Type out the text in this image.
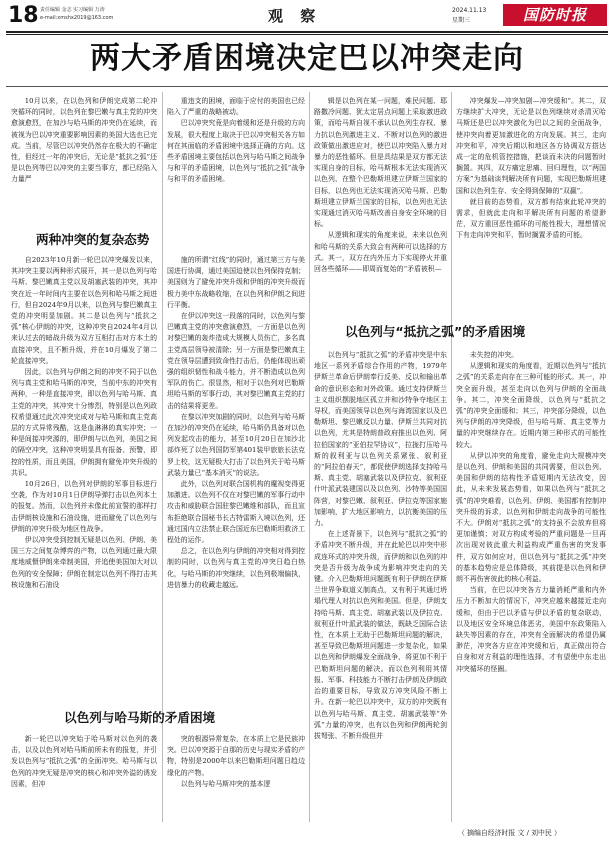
18 责任编辑 金志 实习编辑 万涛
e-mail:xmshx2019@163.com	观 察	2024.11.13
星期三	国防时报
两大矛盾困境决定巴以冲突走向

10月以来，在以色列和伊朗完成第二轮冲突循环的同时，以色列在黎巴嫩与真主党的冲突愈演愈烈，在加沙与哈马斯的冲突仍在延续，而被视为巴以冲突重要影响因素的美国大选也已完成。当前，尽管巴以冲突仍然存在极大的不确定性，但经过一年的冲突后，无论是“抵抗之弧”还是以色列等巴以冲突的主要当事方，都已经陷入力量严

两种冲突的复杂态势

自2023年10月新一轮巴以冲突爆发以来，其冲突主要以两种形式展开，其一是以色列与哈马斯、黎巴嫩真主党以及胡塞武装的冲突，其冲突在近一年时间内主要在以色列和哈马斯之间进行，但自2024年9月以来，以色列与黎巴嫩真主党的冲突明显加剧。其二是以色列与“抵抗之弧”核心伊朗的冲突，这种冲突自2024年4月以来认过去的暗战升级为双方互相打击对方本土的直接冲突，且不断升级，并在10月爆发了第二轮直接冲突。

因此，以色列与伊朗之间的冲突不同于以色列与真主党和哈马斯的冲突，当前中东的冲突有两种，一种是直接冲突，即以色列与哈马斯、真主党的冲突，其冲突十分惨烈，特别是以色列政权希望通过此次冲突完成对与哈马斯和真主党高层的方式异常残酷，这是血淋淋的真实冲突；一种是间接冲突源的，即伊朗与以色列，美国之间的隔空冲突，这种冲突明显具有报备、预警，即控的性质，而且美国，伊朗拥有避免冲突升级的共识。

10月26日，以色列对伊朗的军事目标进行空袭，作为对10月1日伊朗导弹打击以色列本土的报复。然而，以色列并未像此前宣誓的那样打击伊朗核设施和石油设施，进而避免了以色列与伊朗的冲突升级为地区性战争。

伊以冲突受到控制无疑是以色列、伊朗、美国三方之间复杂博弈的产物，以色列通过最大限度地威慑伊朗来牵制美国，并追使美国加大对以色列的安全保障；伊朗在制定以色列不得打击其核设施和石油设

以色列与哈马斯的矛盾困境

新一轮巴以冲突始于哈马斯对以色列的袭击，以及以色列对哈马斯前所未有的报复，并引发以色列与“抵抗之弧”的全面冲突。哈马斯与以色列的冲突无疑是冲突的核心和冲突外溢的诱发因素，但冲

重违支的困境，面临于应付的美国也已经陷入了严重的战略被动。

巴以冲突究竟是向着缓和还是升级的方向发展，很大程度上取决于巴以冲突相关各方如何在其面临的矛盾困境中选择正确的方向。这些矛盾困境主要包括以色列与哈马斯之间战争与和平的矛盾困境，以色列与“抵抗之弧”战争与和平的矛盾困境。

施的所谓“红线”的同时，通过第三方与美国进行协调，通过美国迫使以色列保持克制；美国则为了避免冲突升级和伊朗的冲突升级而极力美中东战略收缩，在以色列和伊朗之间进行平衡。

在伊以冲突这一段落的同时，以色列与黎巴嫩真主党的冲突愈演愈烈，一方面是以色列对黎巴嫩的轰炸造成大规模人员伤亡，多名真主党高层领导被清除；另一方面是黎巴嫩真主党在领导层遭到致命性打击后，仍能体现出顽强的组织韧性和战斗能力，并不断造成以色列军队的伤亡。很显然，相对于以色列对巴勒斯坦哈马斯的军事行动，其对黎巴嫩真主党的打击的结果将更差。

在黎以冲突加剧的同时，以色列与哈马斯在加沙的冲突仍在延续，哈马斯仍具备对以色列发起攻击的能力，甚至10月20日在加沙北部炸死了以色列国防军第401装甲旅旅长法克罗上校，这无疑极大打击了以色列关于哈马斯武装力量已“基本消灭”的说法。

此外，以色列对联合国机构的魔视变得更加激进。以色列不仅在对黎巴嫩的军事行动中攻击和威胁联合国驻黎巴嫩维和部队，而且宣布拒绝联合国秘书长古特雷斯入境以色列，还通过国内立法禁止联合国近东巴勒斯坦救济工程处的运作。

总之，在以色列与伊朗的冲突相对得到控制的同时，以色列与真主党的冲突日趋白热化，与哈马斯的冲突继续，以色列极端偏执，进信暴力的收藏走越远。

突的根源异常复杂，在本质上它是民族冲突。巴以冲突源于自那的历史与现实矛盾的产物，特别是2000年以来巴勒斯坦问题日趋边缘化的产物。

以色列与哈马斯冲突的基本逻

辑是以色列在某一问题，难民问题、耶路撒冷问题、犹太定居点问题上采取激进政策，而哈马斯自视不承认以色列生存权、暴力抗以色列激进主义、不断对以色列的激进政策做出激进应对，使巴以冲突陷入暴力对暴力的恶性循环。但是具结果是双方都无法实现自身的目标，哈马斯根本无法实现消灭以色列、在整个巴勒斯坦建立伊斯兰国家的目标，以色列也无法实现消灭哈马斯、巴勒斯坦建立伊斯兰国家的目标，以色列也无法实现通过消灭哈马斯改善自身安全环境的目标。

从逻辑和现实的角度来说，未来以色列和哈马斯的关系大致会有两种可以选择的方式。其一，双方在内外压力下实现停火并重回各些循环——即周而复始的“矛盾被积—

以色列与“抵抗之弧”的矛盾困境

以色列与“抵抗之弧”的矛盾冲突是中东地区一系列矛盾综合作用的产物，1979年伊斯兰革命后伊朗奉行反美、反以和输出革命的意识形态和对外政策。通过支持伊斯兰主义组织摆脱地区孤立并和沙特争夺地区主导权，而美国领导以色列与海湾国家以及巴勒斯坦、黎巴嫩反以力量、伊斯兰共同对抗以色列，尤其是特朗普政府推出以色列、阿拉伯国家的“亚伯拉罕协议”，拉拢打压哈马斯的叙利亚与以色列关系紧张、叙利亚的“阿拉伯春天”，都促使伊朗选择支持哈马斯、真主党、胡塞武装以及伊拉克、叙利亚什叶派武装建国以及以色列、沙特等美国国阵营，对黎巴嫩、叙利亚、伊拉克等国家施加影响，扩大地区影响力，以抗衡美国的压力。

在上述背景下，以色列与“抵抗之弧”的矛盾冲突不断升级，并在此轮巴以冲突中形成连环式的冲突升级，而伊朗和以色列的冲突是否升级为战争成为影响冲突走向的关键。介入巴勒斯坦问题既有利于伊朗在伊斯兰世界争取道义制高点，又有利于其通过坍塌代理人对抗以色列和美国。但是，伊朗支持哈马斯、真主党、胡塞武装以及伊拉克、叙利亚什叶派武装的做法，既缺乏国际合法性，在本质上无助于巴勒斯坦问题的解决，甚至导致巴勒斯坦问题进一步复杂化，如果以色列和伊朗爆发全面战争，将更加不利于巴勒斯坦问题的解决。而以色列利用其情报、军事、科技能力不断打击伊朗及伊朗政治的重要目标，导致双方冲突风险不断上升。在新一轮巴以冲突中，双方的冲突既有以色列与哈马斯、真主党、胡塞武装等“外弧”力量的冲突，也有以色列和伊朗两轮剑拔弩张、不断升级但并

冲突爆发—冲突加剧—冲突缓和”。其二，双方继续扩大冲突，无论是以色列继续对杀清灭哈马斯还是巴以冲突激化为巴以之间的全面战争，使冲突向着更加激进化的方向发展。其三，走向冲突和平，冲突后期以和地区各方协调双方搭达成一定的危机管控措施，把谈而未决的问题暂时搁置。其四，双方痛定思痛、回归理性，以“两国方案”为基础谈判解决所有问题，实现巴勒斯坦建国和以色列生存、安全得到保障的“双赢”。

就目前的态势看，双方都有结束此轮冲突的需求，但就此走向和平解决所有问题的希望渺茫，双方重回恶性循环的可能性极大，理想情况下有走向冲突和平、暂时搁置矛盾的可能。

未失控的冲突。

从逻辑和现实的角度看，近期以色列与“抵抗之弧”的关系走向存在三种可能的形式。其一，冲突全面升级，甚至走向以色列与伊朗的全面战争。其二，冲突全面降级，以色列与“抵抗之弧”的冲突全面缓和；其三，冲突部分降级，以色列与伊朗的冲突降级，但与哈马斯、真主党等力量的冲突继续存在。近期内第三种形式的可能性较大。

从伊以冲突的角度看，避免走向大规模冲突是以色列、伊朗和美国的共同需要，但以色列、美国和伊朗的结构性矛盾短期内无法改变，因此，从未来发展态势看，如果以色列与“抵抗之弧”的冲突难看，以色列、伊朗、美国都有控制冲突升级的诉求，以色列和伊朗走向战争的可能性不大。伊朗对“抵抗之弧”的支持虽不会放弃但将更加谨慎；对双方构成考验的严重问题是一旦再次出现对彼此重大利益构成严重伤害的突发事件，双方如何应对，但以色列与“抵抗之弧”冲突的基本趋势应是总体降级，其前提是以色列和伊朗不再伤害彼此的核心利益。

当前，在巴以冲突各方力量消耗严重和内外压力不断加大的情况下，冲突应越来越接近走向缓和，但由于巴以矛盾与伊以矛盾的复杂联动，以及地区安全环境总体恶劣，美国中东政策陷入缺失等因素的存在，冲突有全面解决的希望仍属渺茫，冲突各方应在冲突缓和后，真正做出符合自身和对方利益的理性选择，才有望使中东走出冲突循环的怪圈。

（ 摘编自经济时报 文 / 刘中民 ）
